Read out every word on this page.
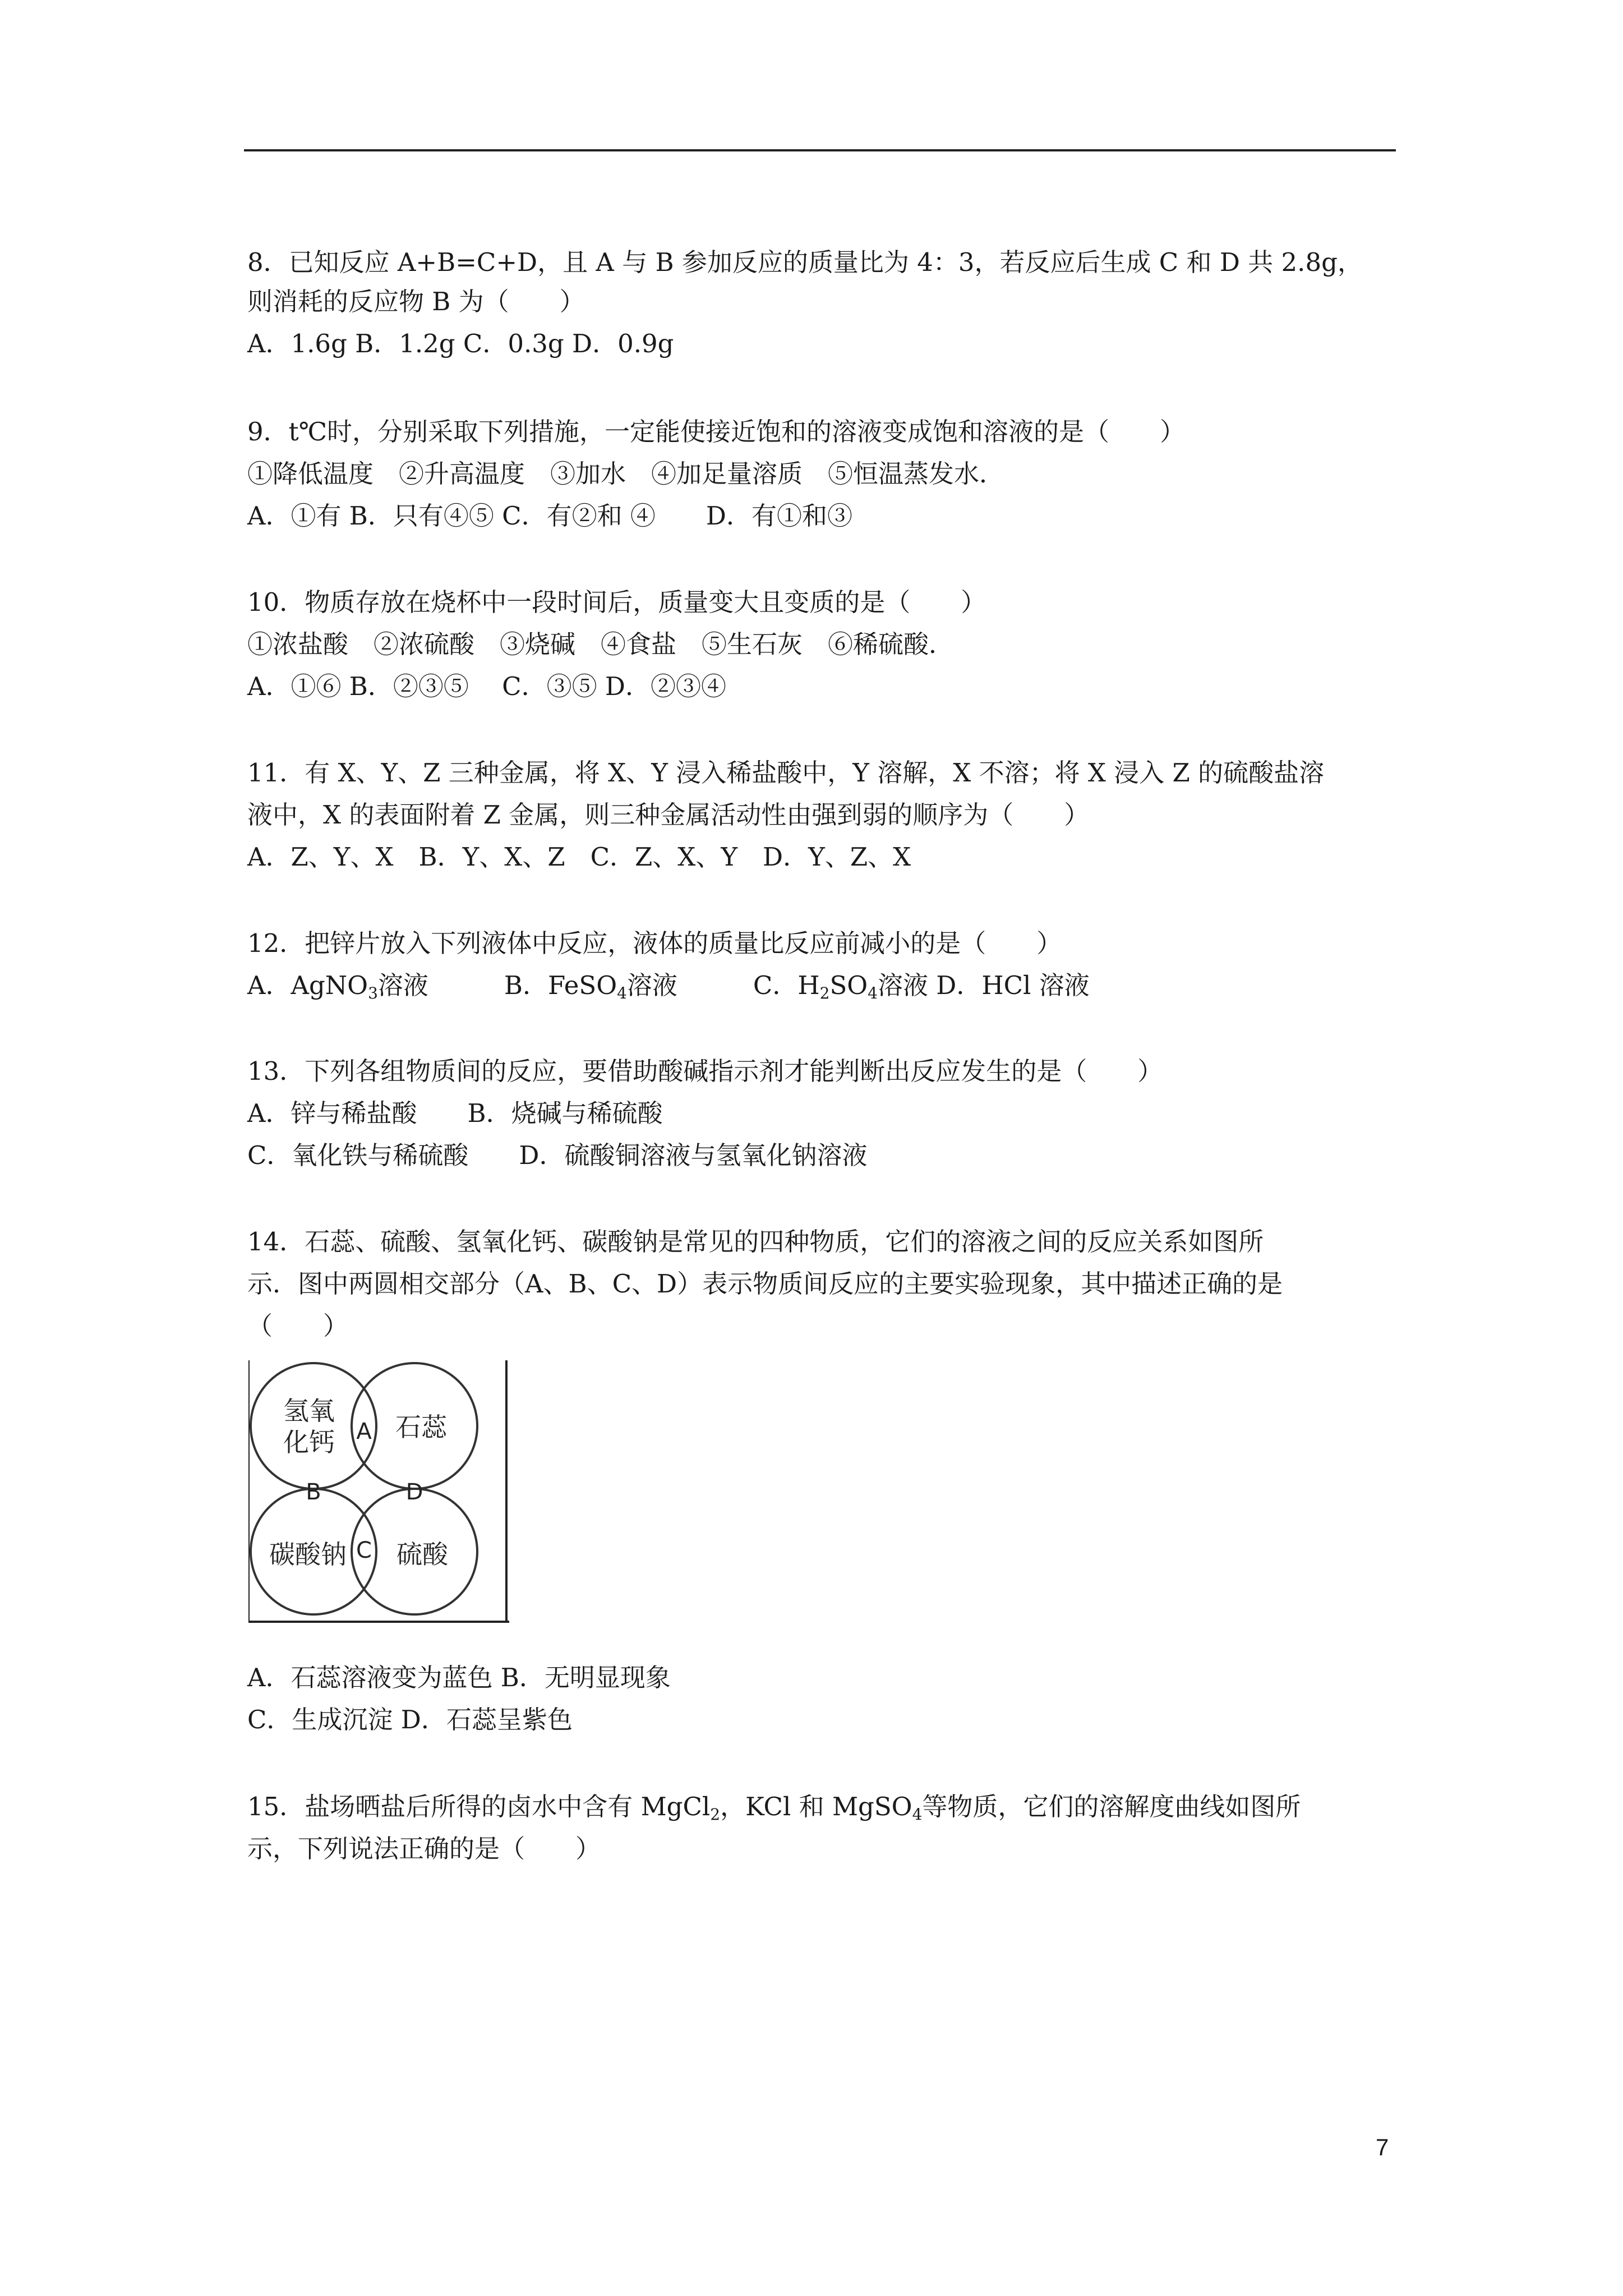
8．已知反应 A+B=C+D，且 A 与 B 参加反应的质量比为 4：3，若反应后生成 C 和 D 共 2.8g，
则消耗的反应物 B 为（　　）
A．1.6g B．1.2g C．0.3g D．0.9g
9．t℃时，分别采取下列措施，一定能使接近饱和的溶液变成饱和溶液的是（　　）
①降低温度　②升高温度　③加水　④加足量溶质　⑤恒温蒸发水．
A．①有 B．只有④⑤ C．有②和 ④　　D．有①和③
10．物质存放在烧杯中一段时间后，质量变大且变质的是（　　）
①浓盐酸　②浓硫酸　③烧碱　④食盐　⑤生石灰　⑥稀硫酸．
A．①⑥ B．②③⑤　 C．③⑤ D．②③④
11．有 X、Y、Z 三种金属，将 X、Y 浸入稀盐酸中，Y 溶解，X 不溶；将 X 浸入 Z 的硫酸盐溶
液中，X 的表面附着 Z 金属，则三种金属活动性由强到弱的顺序为（　　）
A．Z、Y、X　B．Y、X、Z　C．Z、X、Y　D．Y、Z、X
12．把锌片放入下列液体中反应，液体的质量比反应前减小的是（　　）
A．AgNO$_3$溶液　　　B．FeSO$_4$溶液　　　C．$H_2SO_4$溶液 D．HCl 溶液
13．下列各组物质间的反应，要借助酸碱指示剂才能判断出反应发生的是（　　）
A．锌与稀盐酸　　B．烧碱与稀硫酸
C．氧化铁与稀硫酸　　D．硫酸铜溶液与氢氧化钠溶液
14．石蕊、硫酸、氢氧化钙、碳酸钠是常见的四种物质，它们的溶液之间的反应关系如图所
示．图中两圆相交部分（A、B、C、D）表示物质间反应的主要实验现象，其中描述正确的是
（　　）
氢氧
化钙 石蕊
碳酸钠 硫酸
A
B
C
D
A．石蕊溶液变为蓝色 B．无明显现象
C．生成沉淀 D．石蕊呈紫色
15．盐场晒盐后所得的卤水中含有 MgCl$_2$，KCl 和 MgSO$_4$等物质，它们的溶解度曲线如图所
示，下列说法正确的是（　　）
7
